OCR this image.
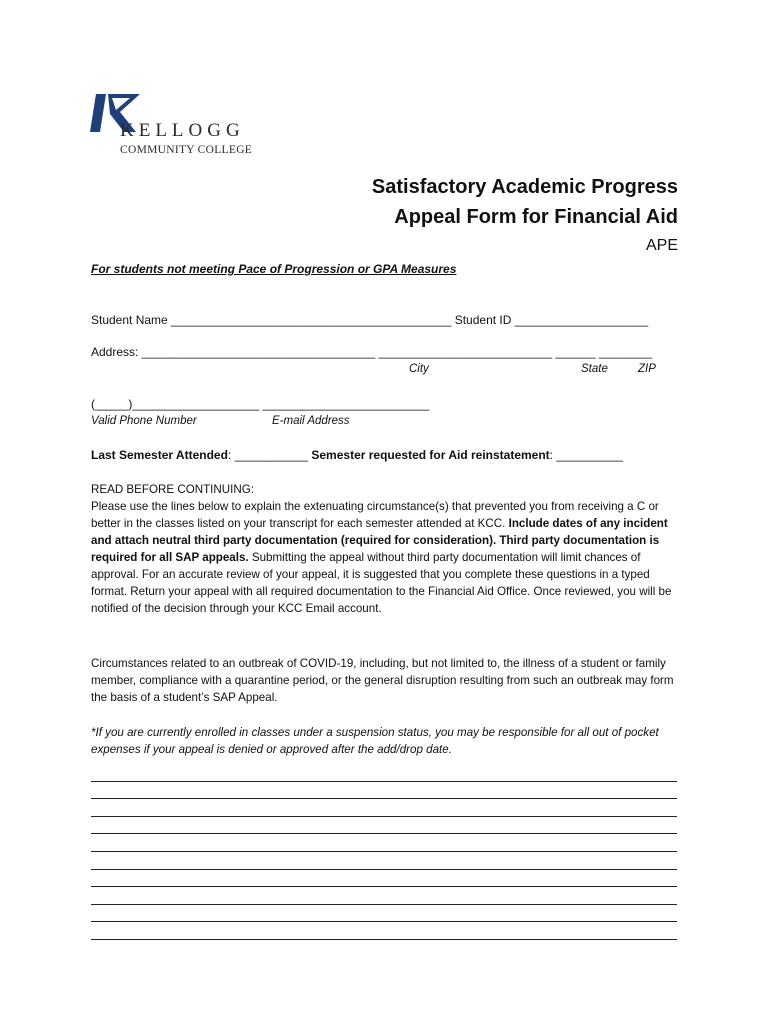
KELLOGG
COMMUNITY COLLEGE
Satisfactory Academic Progress
Appeal Form for Financial Aid
APE
For students not meeting Pace of Progression or GPA Measures
Student Name __________________________________________ Student ID ____________________
Address: ___________________________________ __________________________ ______ ________
City	State	ZIP
(_____)___________________ _________________________
Valid Phone Number	E-mail Address
Last Semester Attended: ___________ Semester requested for Aid reinstatement: __________

READ BEFORE CONTINUING:

Please use the lines below to explain the extenuating circumstance(s) that prevented you from receiving a C or better in the classes listed on your transcript for each semester attended at KCC. Include dates of any incident and attach neutral third party documentation (required for consideration). Third party documentation is required for all SAP appeals. Submitting the appeal without third party documentation will limit chances of approval. For an accurate review of your appeal, it is suggested that you complete these questions in a typed format. Return your appeal with all required documentation to the Financial Aid Office. Once reviewed, you will be notified of the decision through your KCC Email account.

Circumstances related to an outbreak of COVID-19, including, but not limited to, the illness of a student or family member, compliance with a quarantine period, or the general disruption resulting from such an outbreak may form the basis of a student’s SAP Appeal.
*If you are currently enrolled in classes under a suspension status, you may be responsible for all out of pocket expenses if your appeal is denied or approved after the add/drop date.
